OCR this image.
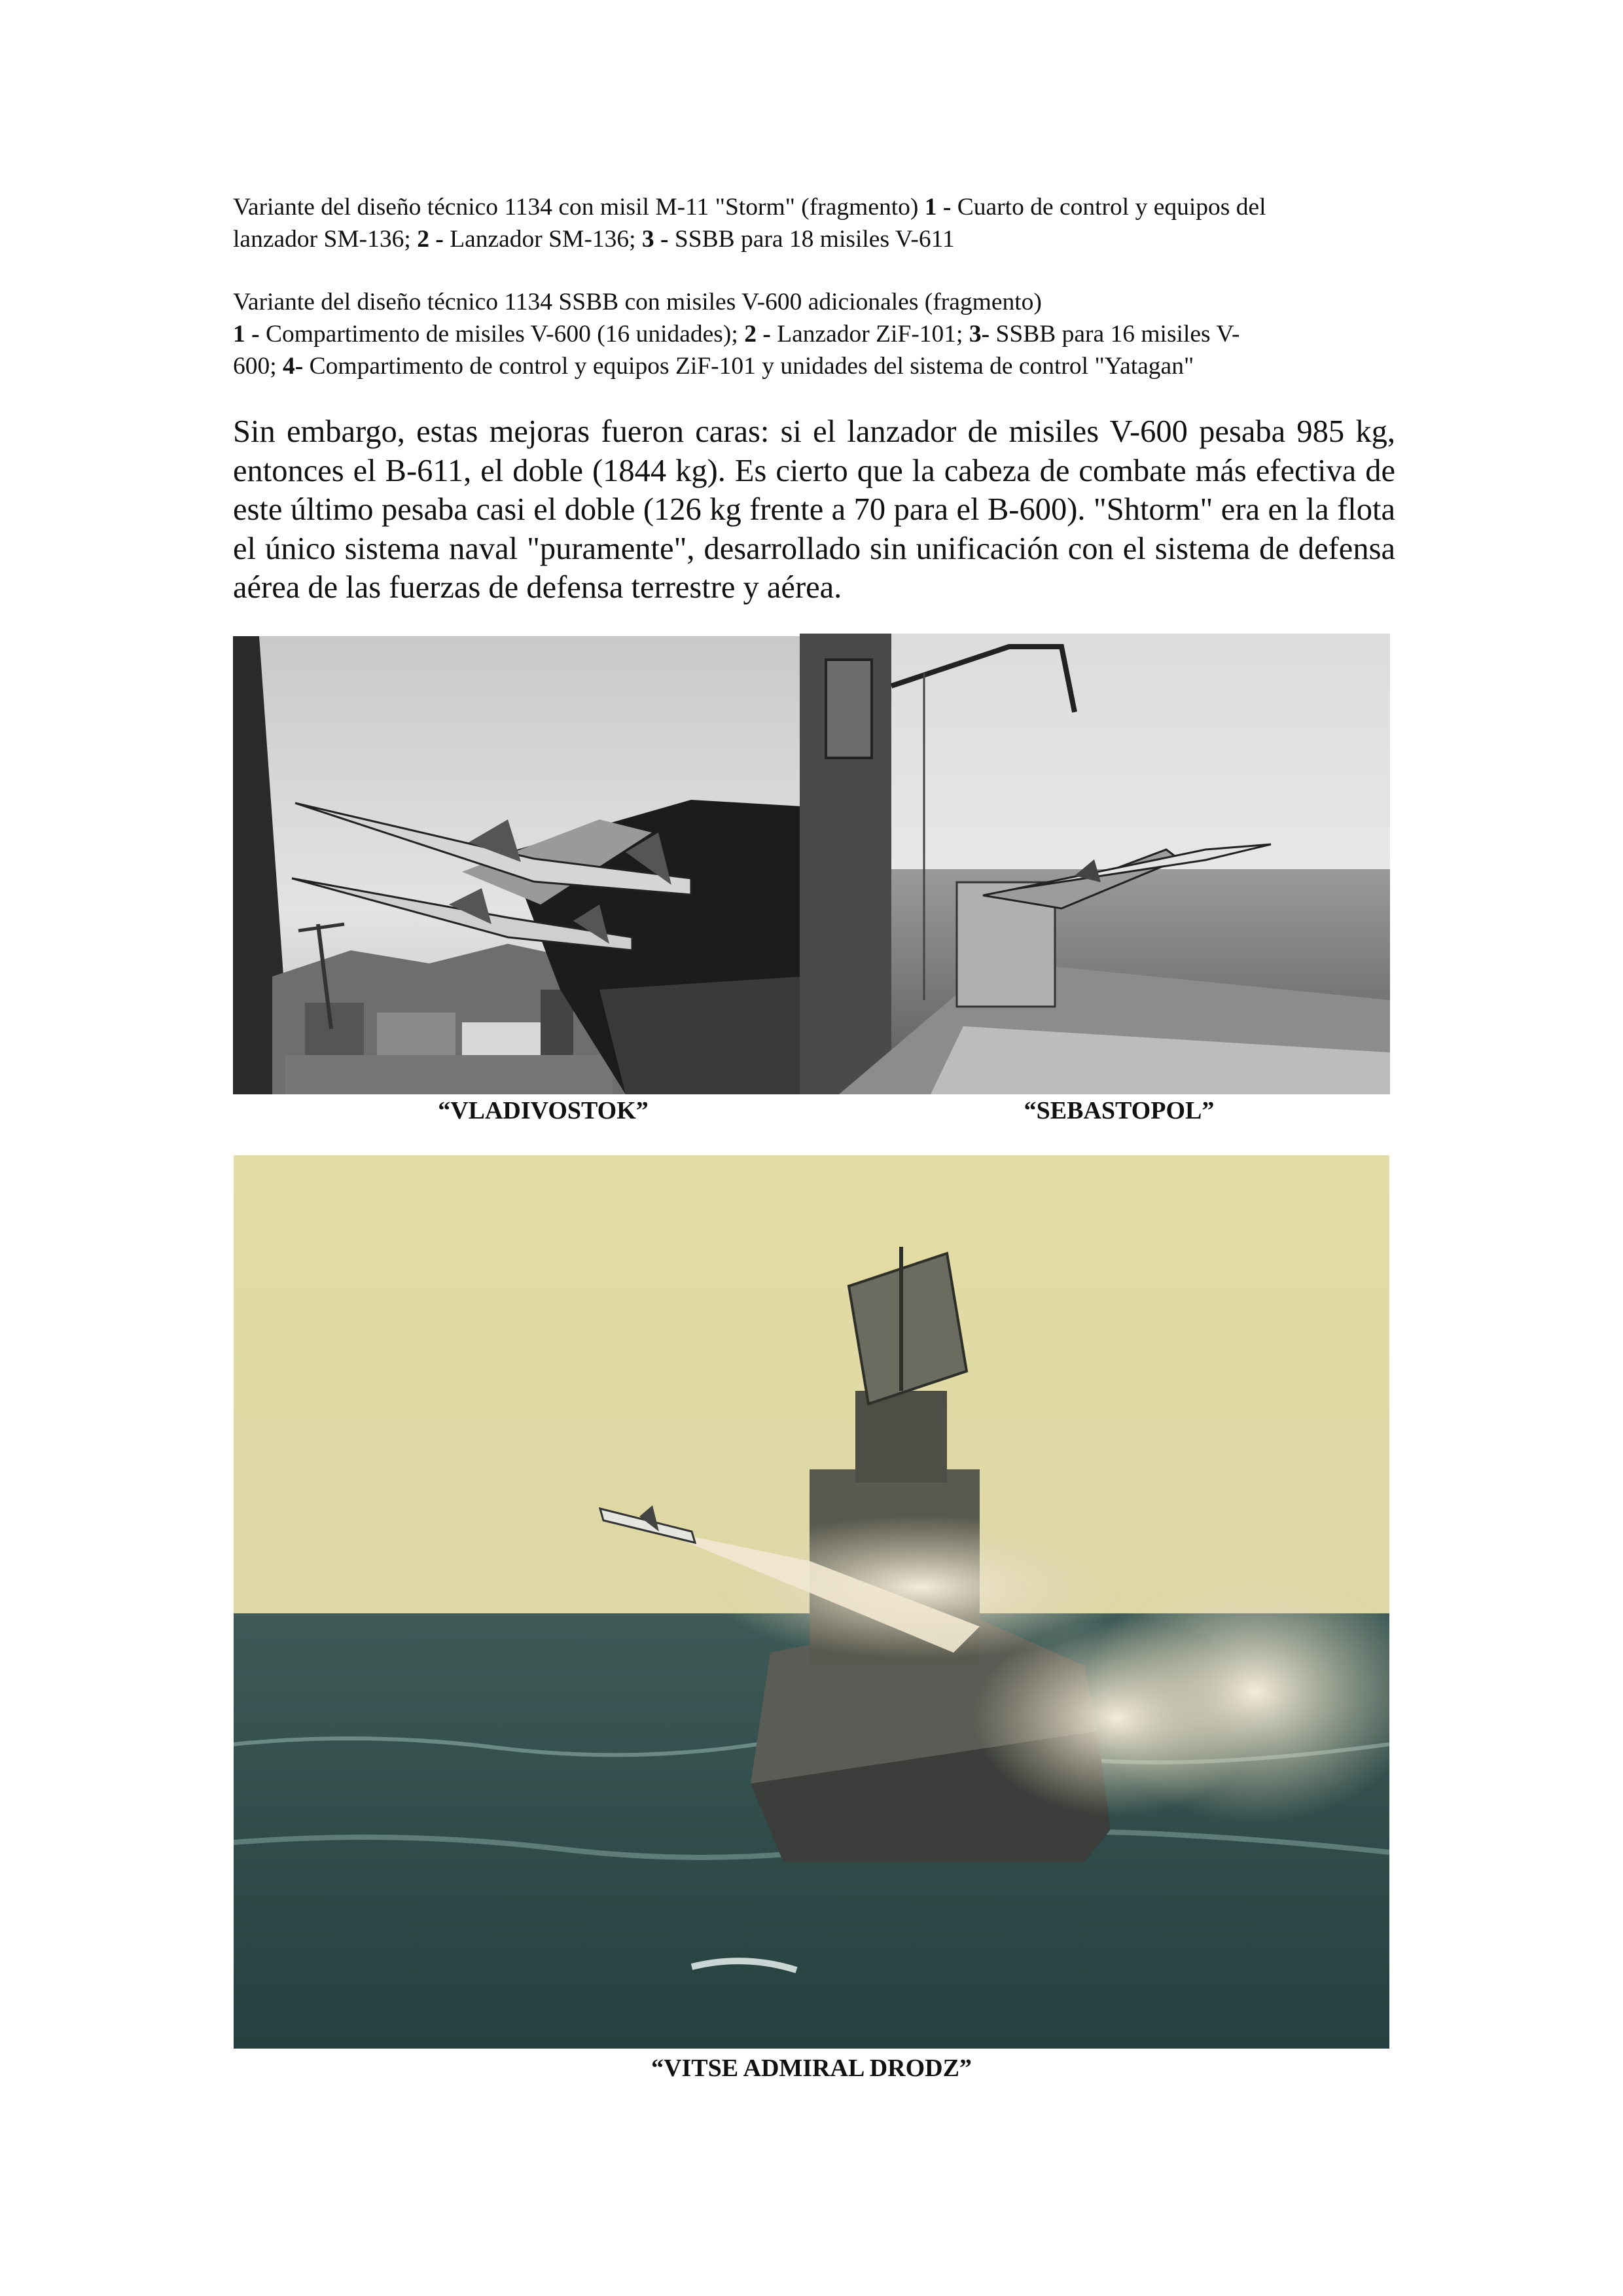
Variante del diseño técnico 1134 con misil M-11 "Storm" (fragmento) 1 - Cuarto de control y equipos del

lanzador SM-136; 2 - Lanzador SM-136; 3 - SSBB para 18 misiles V-611

Variante del diseño técnico 1134 SSBB con misiles V-600 adicionales (fragmento)

1 - Compartimento de misiles V-600 (16 unidades); 2 - Lanzador ZiF-101; 3- SSBB para 16 misiles V-

600; 4- Compartimento de control y equipos ZiF-101 y unidades del sistema de control "Yatagan"

Sin embargo, estas mejoras fueron caras: si el lanzador de misiles V-600 pesaba 985 kg, entonces el B-611, el doble (1844 kg). Es cierto que la cabeza de combate más efectiva de este último pesaba casi el doble (126 kg frente a 70 para el B-600). "Shtorm" era en la flota el único sistema naval "puramente", desarrollado sin unificación con el sistema de defensa aérea de las fuerzas de defensa terrestre y aérea.

“VLADIVOSTOK”	“SEBASTOPOL”

“VITSE ADMIRAL DRODZ”
